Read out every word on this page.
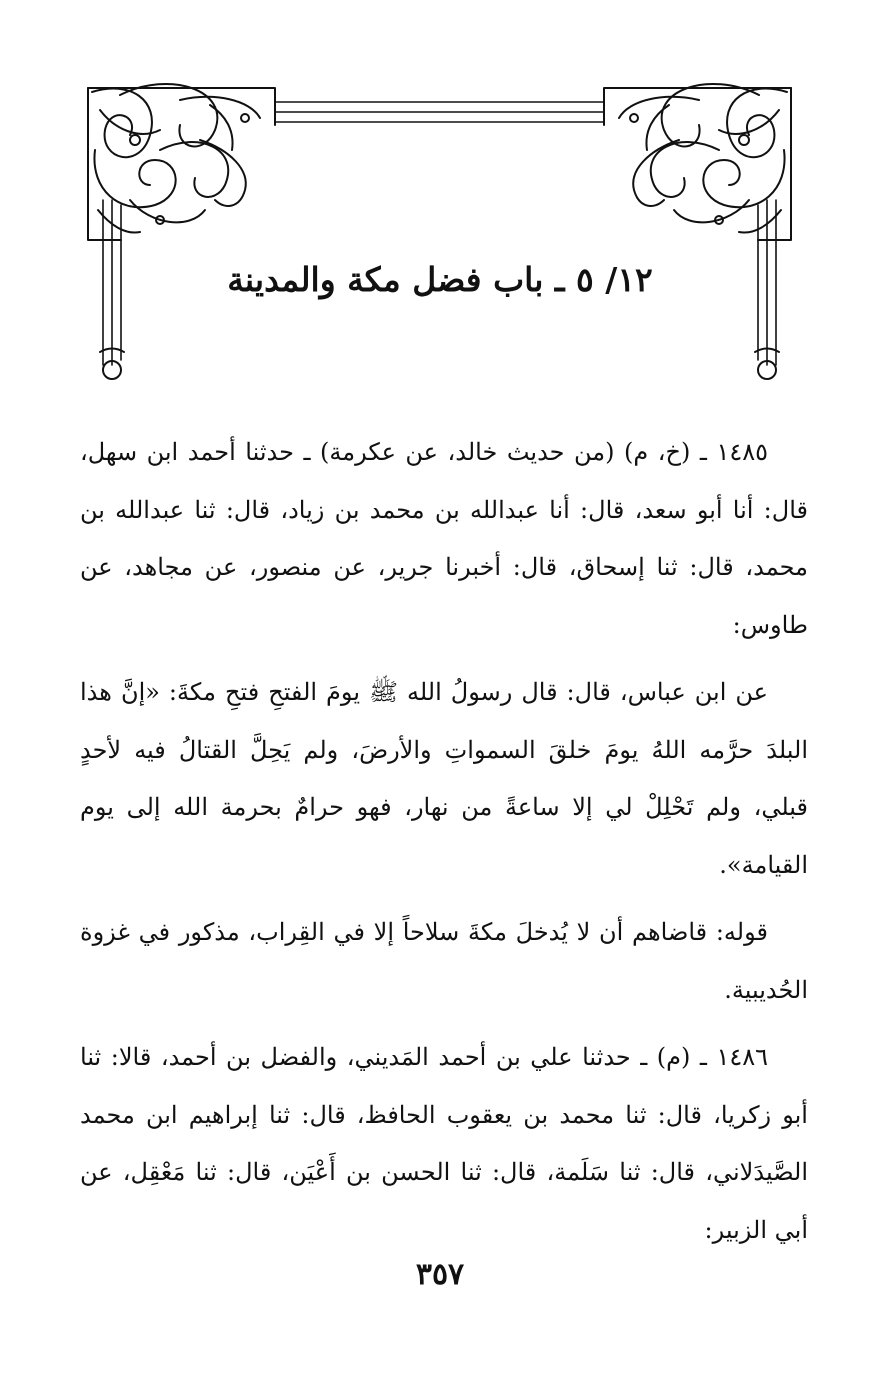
١٢/ ٥ ـ باب فضل مكة والمدينة

١٤٨٥ ـ (خ، م) (من حديث خالد، عن عكرمة) ـ حدثنا أحمد ابن سهل، قال: أنا أبو سعد، قال: أنا عبدالله بن محمد بن زياد، قال: ثنا عبدالله بن محمد، قال: ثنا إسحاق، قال: أخبرنا جرير، عن منصور، عن مجاهد، عن طاوس:

عن ابن عباس، قال: قال رسولُ الله ﷺ يومَ الفتحِ فتحِ مكةَ: «إنَّ هذا البلدَ حرَّمه اللهُ يومَ خلقَ السمواتِ والأرضَ، ولم يَحِلَّ القتالُ فيه لأحدٍ قبلي، ولم تَحْلِلْ لي إلا ساعةً من نهار، فهو حرامٌ بحرمة الله إلى يوم القيامة».

قوله: قاضاهم أن لا يُدخلَ مكةَ سلاحاً إلا في القِراب، مذكور في غزوة الحُديبية.

١٤٨٦ ـ (م) ـ حدثنا علي بن أحمد المَديني، والفضل بن أحمد، قالا: ثنا أبو زكريا، قال: ثنا محمد بن يعقوب الحافظ، قال: ثنا إبراهيم ابن محمد الصَّيدَلاني، قال: ثنا سَلَمة، قال: ثنا الحسن بن أَعْيَن، قال: ثنا مَعْقِل، عن أبي الزبير:

٣٥٧
